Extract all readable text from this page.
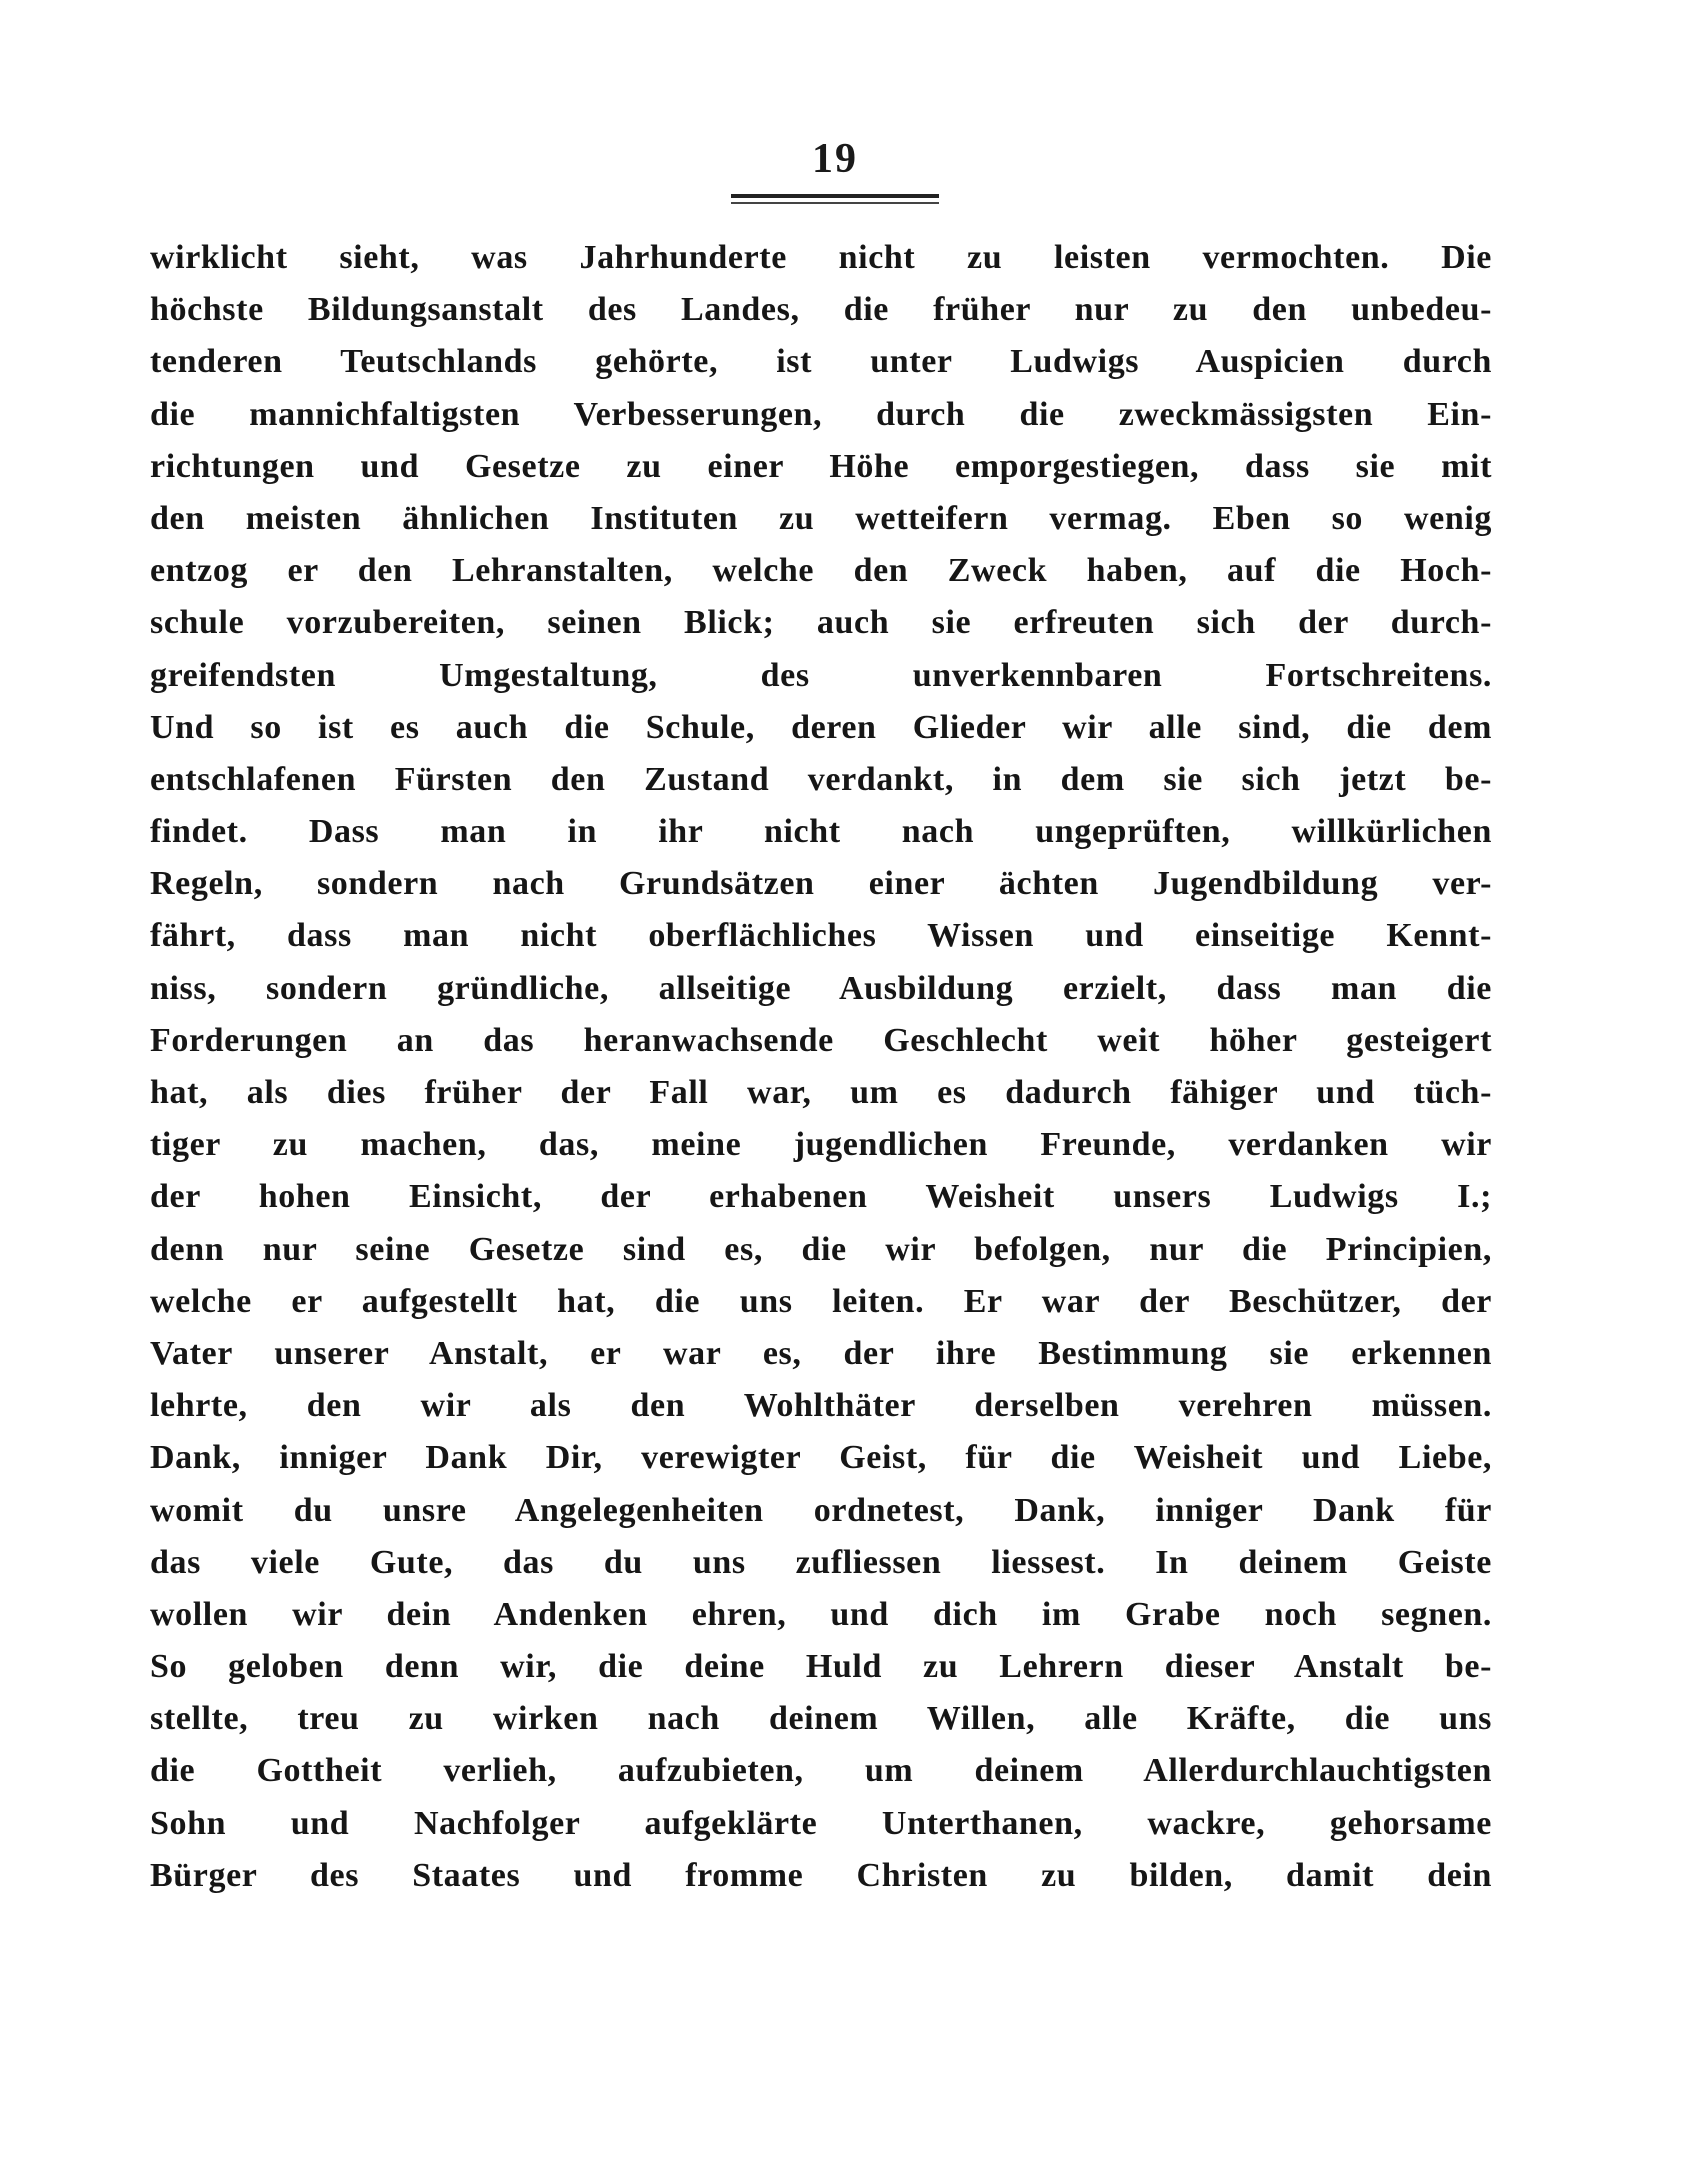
19
wirklicht sieht, was Jahrhunderte nicht zu leisten vermochten. Die
höchste Bildungsanstalt des Landes, die früher nur zu den unbedeu-
tenderen Teutschlands gehörte, ist unter Ludwigs Auspicien durch
die mannichfaltigsten Verbesserungen, durch die zweckmässigsten Ein-
richtungen und Gesetze zu einer Höhe emporgestiegen, dass sie mit
den meisten ähnlichen Instituten zu wetteifern vermag. Eben so wenig
entzog er den Lehranstalten, welche den Zweck haben, auf die Hoch-
schule vorzubereiten, seinen Blick; auch sie erfreuten sich der durch-
greifendsten Umgestaltung, des unverkennbaren Fortschreitens.
Und so ist es auch die Schule, deren Glieder wir alle sind, die dem
entschlafenen Fürsten den Zustand verdankt, in dem sie sich jetzt be-
findet. Dass man in ihr nicht nach ungeprüften, willkürlichen
Regeln, sondern nach Grundsätzen einer ächten Jugendbildung ver-
fährt, dass man nicht oberflächliches Wissen und einseitige Kennt-
niss, sondern gründliche, allseitige Ausbildung erzielt, dass man die
Forderungen an das heranwachsende Geschlecht weit höher gesteigert
hat, als dies früher der Fall war, um es dadurch fähiger und tüch-
tiger zu machen, das, meine jugendlichen Freunde, verdanken wir
der hohen Einsicht, der erhabenen Weisheit unsers Ludwigs I.;
denn nur seine Gesetze sind es, die wir befolgen, nur die Principien,
welche er aufgestellt hat, die uns leiten. Er war der Beschützer, der
Vater unserer Anstalt, er war es, der ihre Bestimmung sie erkennen
lehrte, den wir als den Wohlthäter derselben verehren müssen.
Dank, inniger Dank Dir, verewigter Geist, für die Weisheit und Liebe,
womit du unsre Angelegenheiten ordnetest, Dank, inniger Dank für
das viele Gute, das du uns zufliessen liessest. In deinem Geiste
wollen wir dein Andenken ehren, und dich im Grabe noch segnen.
So geloben denn wir, die deine Huld zu Lehrern dieser Anstalt be-
stellte, treu zu wirken nach deinem Willen, alle Kräfte, die uns
die Gottheit verlieh, aufzubieten, um deinem Allerdurchlauchtigsten
Sohn und Nachfolger aufgeklärte Unterthanen, wackre, gehorsame
Bürger des Staates und fromme Christen zu bilden, damit dein
